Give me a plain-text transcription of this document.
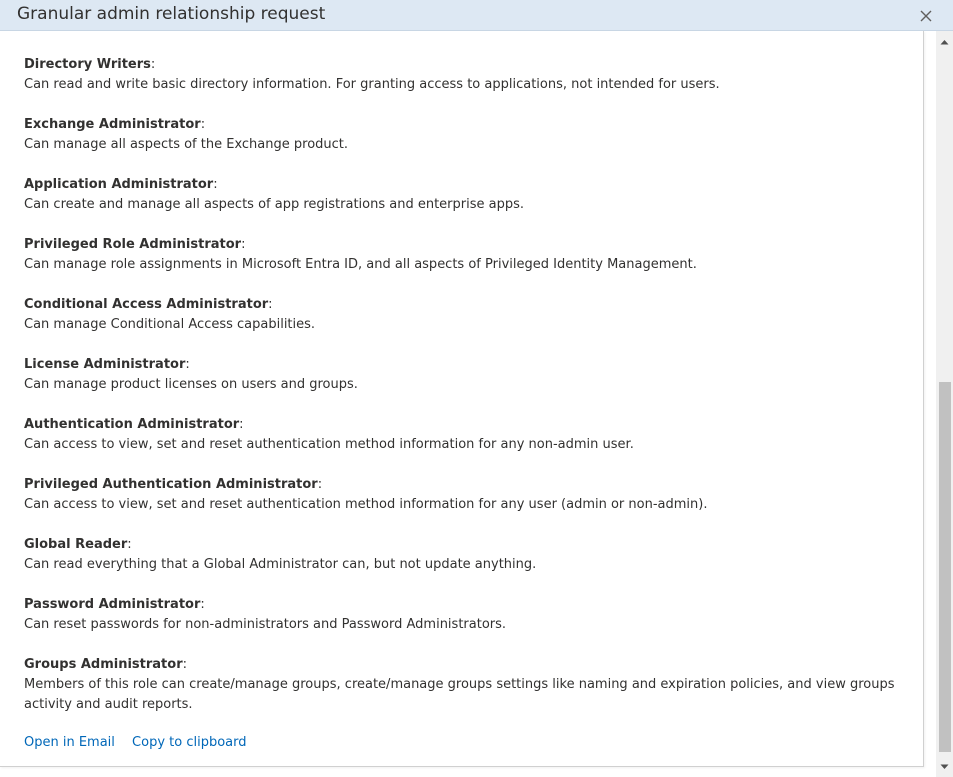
Granular admin relationship request
Directory Writers:
Can read and write basic directory information. For granting access to applications, not intended for users.
Exchange Administrator:
Can manage all aspects of the Exchange product.
Application Administrator:
Can create and manage all aspects of app registrations and enterprise apps.
Privileged Role Administrator:
Can manage role assignments in Microsoft Entra ID, and all aspects of Privileged Identity Management.
Conditional Access Administrator:
Can manage Conditional Access capabilities.
License Administrator:
Can manage product licenses on users and groups.
Authentication Administrator:
Can access to view, set and reset authentication method information for any non-admin user.
Privileged Authentication Administrator:
Can access to view, set and reset authentication method information for any user (admin or non-admin).
Global Reader:
Can read everything that a Global Administrator can, but not update anything.
Password Administrator:
Can reset passwords for non-administrators and Password Administrators.
Groups Administrator:
Members of this role can create/manage groups, create/manage groups settings like naming and expiration policies, and view groups activity and audit reports.
Open in Email Copy to clipboard
